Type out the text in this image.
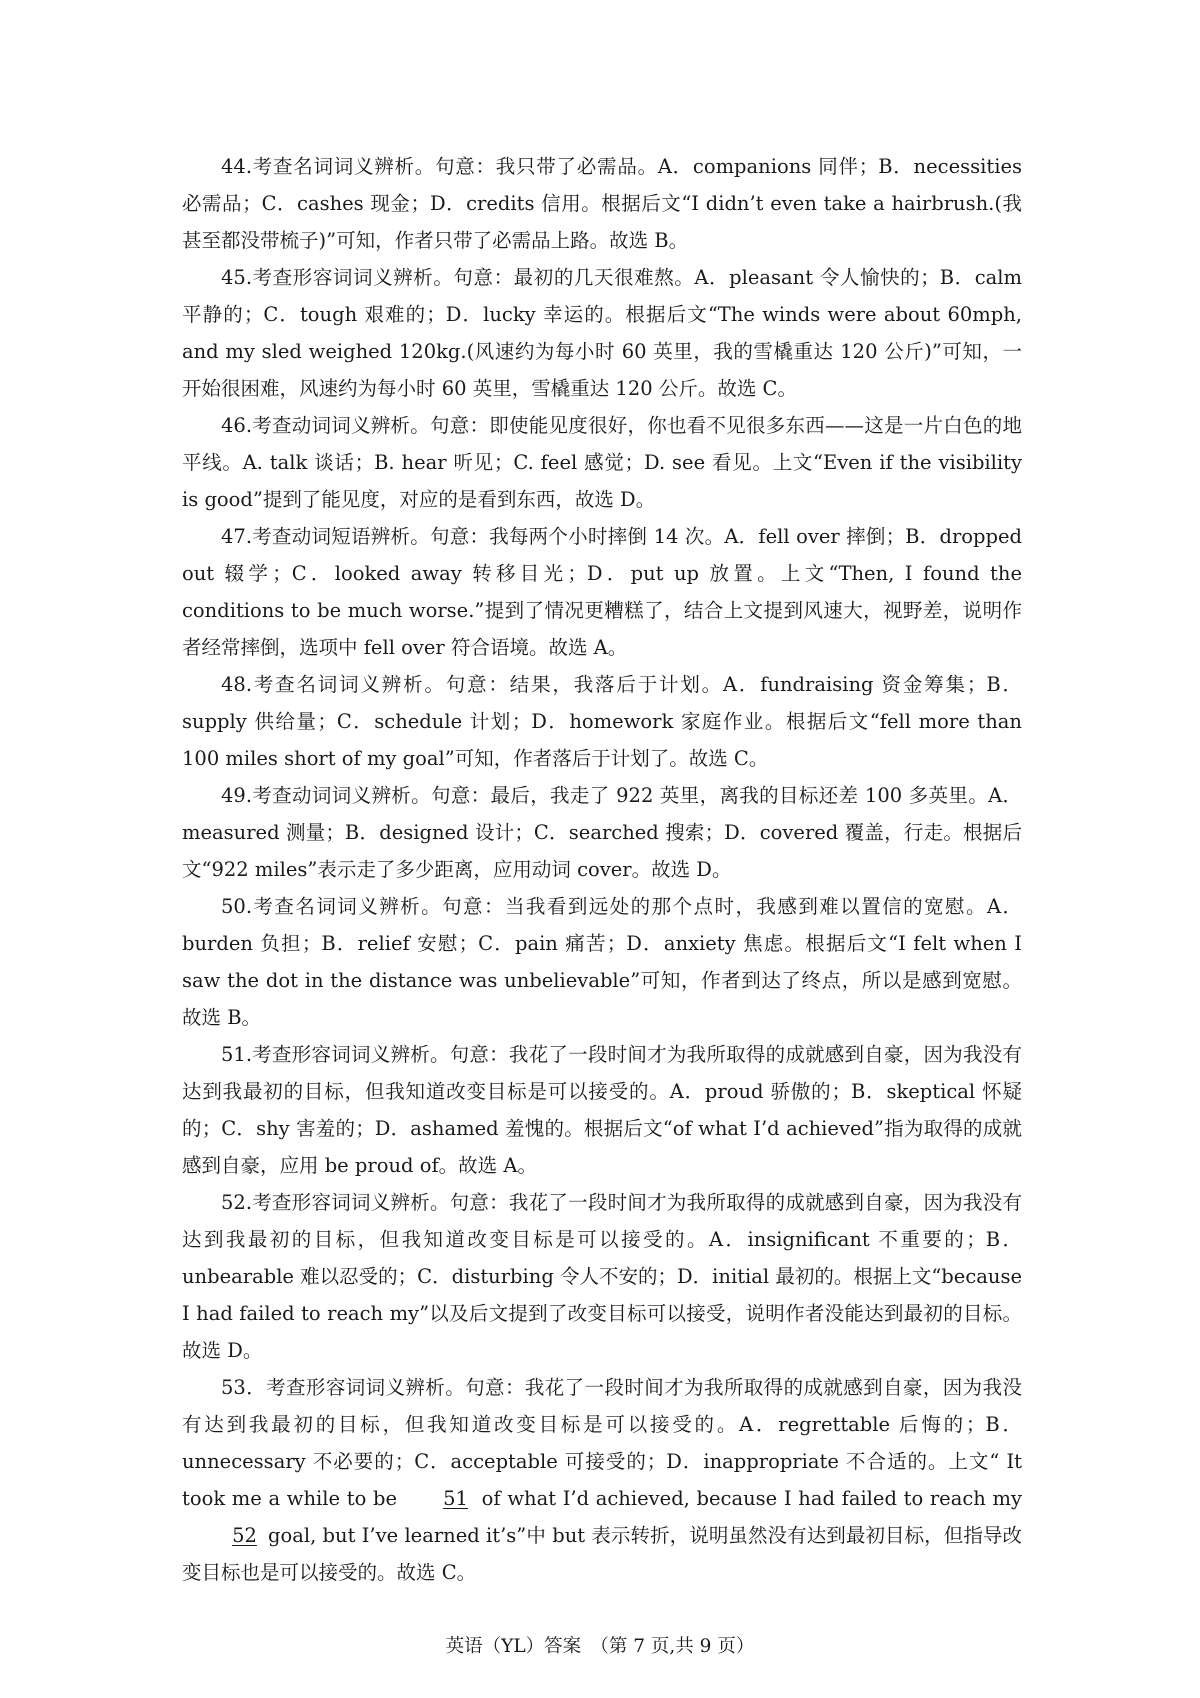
44.考查名词词义辨析。句意：我只带了必需品。A．companions 同伴；B．necessities 必需品；C．cashes 现金；D．credits 信用。根据后文“I didn’t even take a hairbrush.(我甚至都没带梳子)”可知，作者只带了必需品上路。故选 B。

45.考查形容词词义辨析。句意：最初的几天很难熬。A．pleasant 令人愉快的；B．calm 平静的；C．tough 艰难的；D．lucky 幸运的。根据后文“The winds were about 60mph, and my sled weighed 120kg.(风速约为每小时 60 英里，我的雪橇重达 120 公斤)”可知，一开始很困难，风速约为每小时 60 英里，雪橇重达 120 公斤。故选 C。

46.考查动词词义辨析。句意：即使能见度很好，你也看不见很多东西——这是一片白色的地平线。A. talk 谈话；B. hear 听见；C. feel 感觉；D. see 看见。上文“Even if the visibility is good”提到了能见度，对应的是看到东西，故选 D。

47.考查动词短语辨析。句意：我每两个小时摔倒 14 次。A．fell over 摔倒；B．dropped out 辍学；C．looked away 转移目光；D．put up 放置。上文“Then, I found the conditions to be much worse.”提到了情况更糟糕了，结合上文提到风速大，视野差，说明作者经常摔倒，选项中 fell over 符合语境。故选 A。

48.考查名词词义辨析。句意：结果，我落后于计划。A．fundraising 资金筹集；B．supply 供给量；C．schedule 计划；D．homework 家庭作业。根据后文“fell more than 100 miles short of my goal”可知，作者落后于计划了。故选 C。

49.考查动词词义辨析。句意：最后，我走了 922 英里，离我的目标还差 100 多英里。A．measured 测量；B．designed 设计；C．searched 搜索；D．covered 覆盖，行走。根据后文“922 miles”表示走了多少距离，应用动词 cover。故选 D。

50.考查名词词义辨析。句意：当我看到远处的那个点时，我感到难以置信的宽慰。A．burden 负担；B．relief 安慰；C．pain 痛苦；D．anxiety 焦虑。根据后文“I felt when I saw the dot in the distance was unbelievable”可知，作者到达了终点，所以是感到宽慰。故选 B。

51.考查形容词词义辨析。句意：我花了一段时间才为我所取得的成就感到自豪，因为我没有达到我最初的目标，但我知道改变目标是可以接受的。A．proud 骄傲的；B．skeptical 怀疑的；C．shy 害羞的；D．ashamed 羞愧的。根据后文“of what I’d achieved”指为取得的成就感到自豪，应用 be proud of。故选 A。

52.考查形容词词义辨析。句意：我花了一段时间才为我所取得的成就感到自豪，因为我没有达到我最初的目标，但我知道改变目标是可以接受的。A．insignificant 不重要的；B．unbearable 难以忍受的；C．disturbing 令人不安的；D．initial 最初的。根据上文“because I had failed to reach my”以及后文提到了改变目标可以接受，说明作者没能达到最初的目标。故选 D。

53．考查形容词词义辨析。句意：我花了一段时间才为我所取得的成就感到自豪，因为我没有达到我最初的目标，但我知道改变目标是可以接受的。A．regrettable 后悔的；B．unnecessary 不必要的；C．acceptable 可接受的；D．inappropriate 不合适的。上文“ It took me a while to be 51 of what I’d achieved, because I had failed to reach my 52 goal, but I’ve learned it’s”中 but 表示转折，说明虽然没有达到最初目标，但指导改变目标也是可以接受的。故选 C。

英语（YL）答案　（第 7 页,共 9 页）
